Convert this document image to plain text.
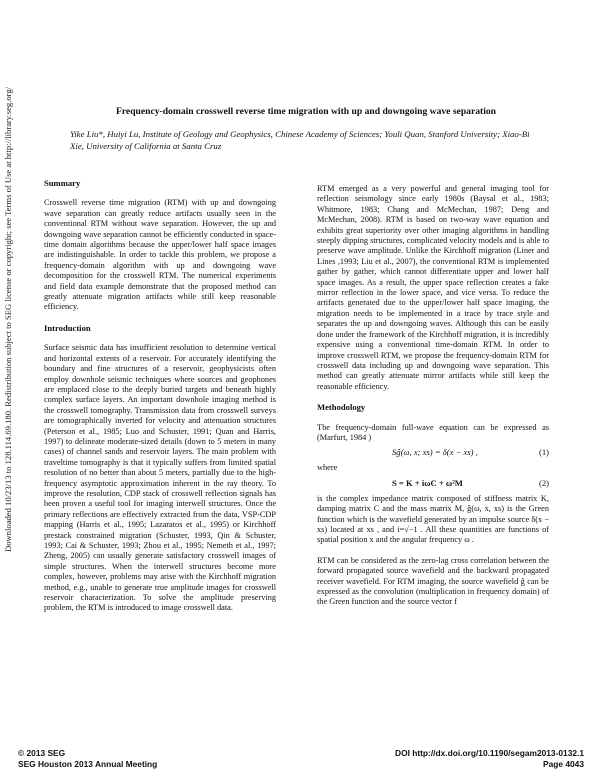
Downloaded 10/23/13 to 128.114.69.180. Redistribution subject to SEG license or copyright; see Terms of Use at http://library.seg.org/	Frequency-domain crosswell reverse time migration with up and downgoing wave separation
Yike Liu*, Huiyi Lu, Institute of Geology and Geophysics, Chinese Academy of Sciences; Youli Quan, Stanford University; Xiao-Bi Xie, University of California at Santa Cruz
Summary

Crosswell reverse time migration (RTM) with up and downgoing wave separation can greatly reduce artifacts usually seen in the conventional RTM without wave separation. However, the up and downgoing wave separation cannot be efficiently conducted in space-time domain algorithms because the upper/lower half space images are indistinguishable. In order to tackle this problem, we propose a frequency-domain algorithm with up and downgoing wave decomposition for the crosswell RTM. The numerical experiments and field data example demonstrate that the proposed method can greatly attenuate migration artifacts while still keep reasonable efficiency.

Introduction

Surface seismic data has insufficient resolution to determine vertical and horizontal extents of a reservoir. For accurately identifying the boundary and fine structures of a reservoir, geophysicists often employ downhole seismic techniques where sources and geophones are emplaced close to the deeply buried targets and beneath highly complex surface layers. An important downhole imaging method is the crosswell tomography. Transmission data from crosswell surveys are tomographically inverted for velocity and attenuation structures (Peterson et al., 1985; Luo and Schuster, 1991; Quan and Harris, 1997) to delineate moderate-sized details (down to 5 meters in many cases) of channel sands and reservoir layers. The main problem with traveltime tomography is that it typically suffers from limited spatial resolution of no better than about 5 meters, partially due to the high-frequency asymptotic approximation inherent in the ray theory. To improve the resolution, CDP stack of crosswell reflection signals has been proven a useful tool for imaging interwell structures. Once the primary reflections are effectively extracted from the data, VSP-CDP mapping (Harris et al., 1995; Lazaratos et al., 1995) or Kirchhoff prestack constrained migration (Schuster, 1993, Qin & Schuster, 1993; Cai & Schuster, 1993; Zhou et al., 1995; Nemeth et al., 1997; Zheng, 2005) can usually generate satisfactory crosswell images of simple structures. When the interwell structures become more complex, however, problems may arise with the Kirchhoff migration method, e.g., unable to generate true amplitude images for crosswell reservoir characterization. To solve the amplitude preserving problem, the RTM is introduced to image crosswell data.

RTM emerged as a very powerful and general imaging tool for reflection seismology since early 1980s (Baysal et al., 1983; Whitmore, 1983; Chang and McMechan, 1987; Deng and McMechan, 2008). RTM is based on two-way wave equation and exhibits great superiority over other imaging algorithms in handling steeply dipping structures, complicated velocity models and is able to preserve wave amplitude. Unlike the Kirchhoff migration (Liner and Lines ,1993; Liu et al., 2007), the conventional RTM is implemented gather by gather, which cannot differentiate upper and lower half space images. As a result, the upper space reflection creates a fake mirror reflection in the lower space, and vice versa. To reduce the artifacts generated due to the upper/lower half space imaging, the migration needs to be implemented in a trace by trace style and separates the up and downgoing waves. Although this can be easily done under the framework of the Kirchhoff migration, it is incredibly expensive using a conventional time-domain RTM. In order to improve crosswell RTM, we propose the frequency-domain RTM for crosswell data including up and downgoing wave separation. This method can greatly attenuate mirror artifacts while still keep the reasonable efficiency.

Methodology

The frequency-domain full-wave equation can be expressed as (Marfurt, 1984 )

Sĝ(ω, x; xs) = δ(x − xs) ,	(1)

where

S = K + iωC + ω²M	(2)

is the complex impedance matrix composed of stiffness matrix K, damping matrix C and the mass matrix M, ĝ(ω, x, xs) is the Green function which is the wavefield generated by an impulse source δ(x − xs) located at xs , and i=√−1 . All these quantities are functions of spatial position x and the angular frequency ω .

RTM can be considered as the zero-lag cross correlation between the forward propagated source wavefield and the backward propagated receiver wavefield. For RTM imaging, the source wavefield ĝ can be expressed as the convolution (multiplication in frequency domain) of the Green function and the source vector f

© 2013 SEG
SEG Houston 2013 Annual Meeting
DOI http://dx.doi.org/10.1190/segam2013-0132.1
Page 4043
